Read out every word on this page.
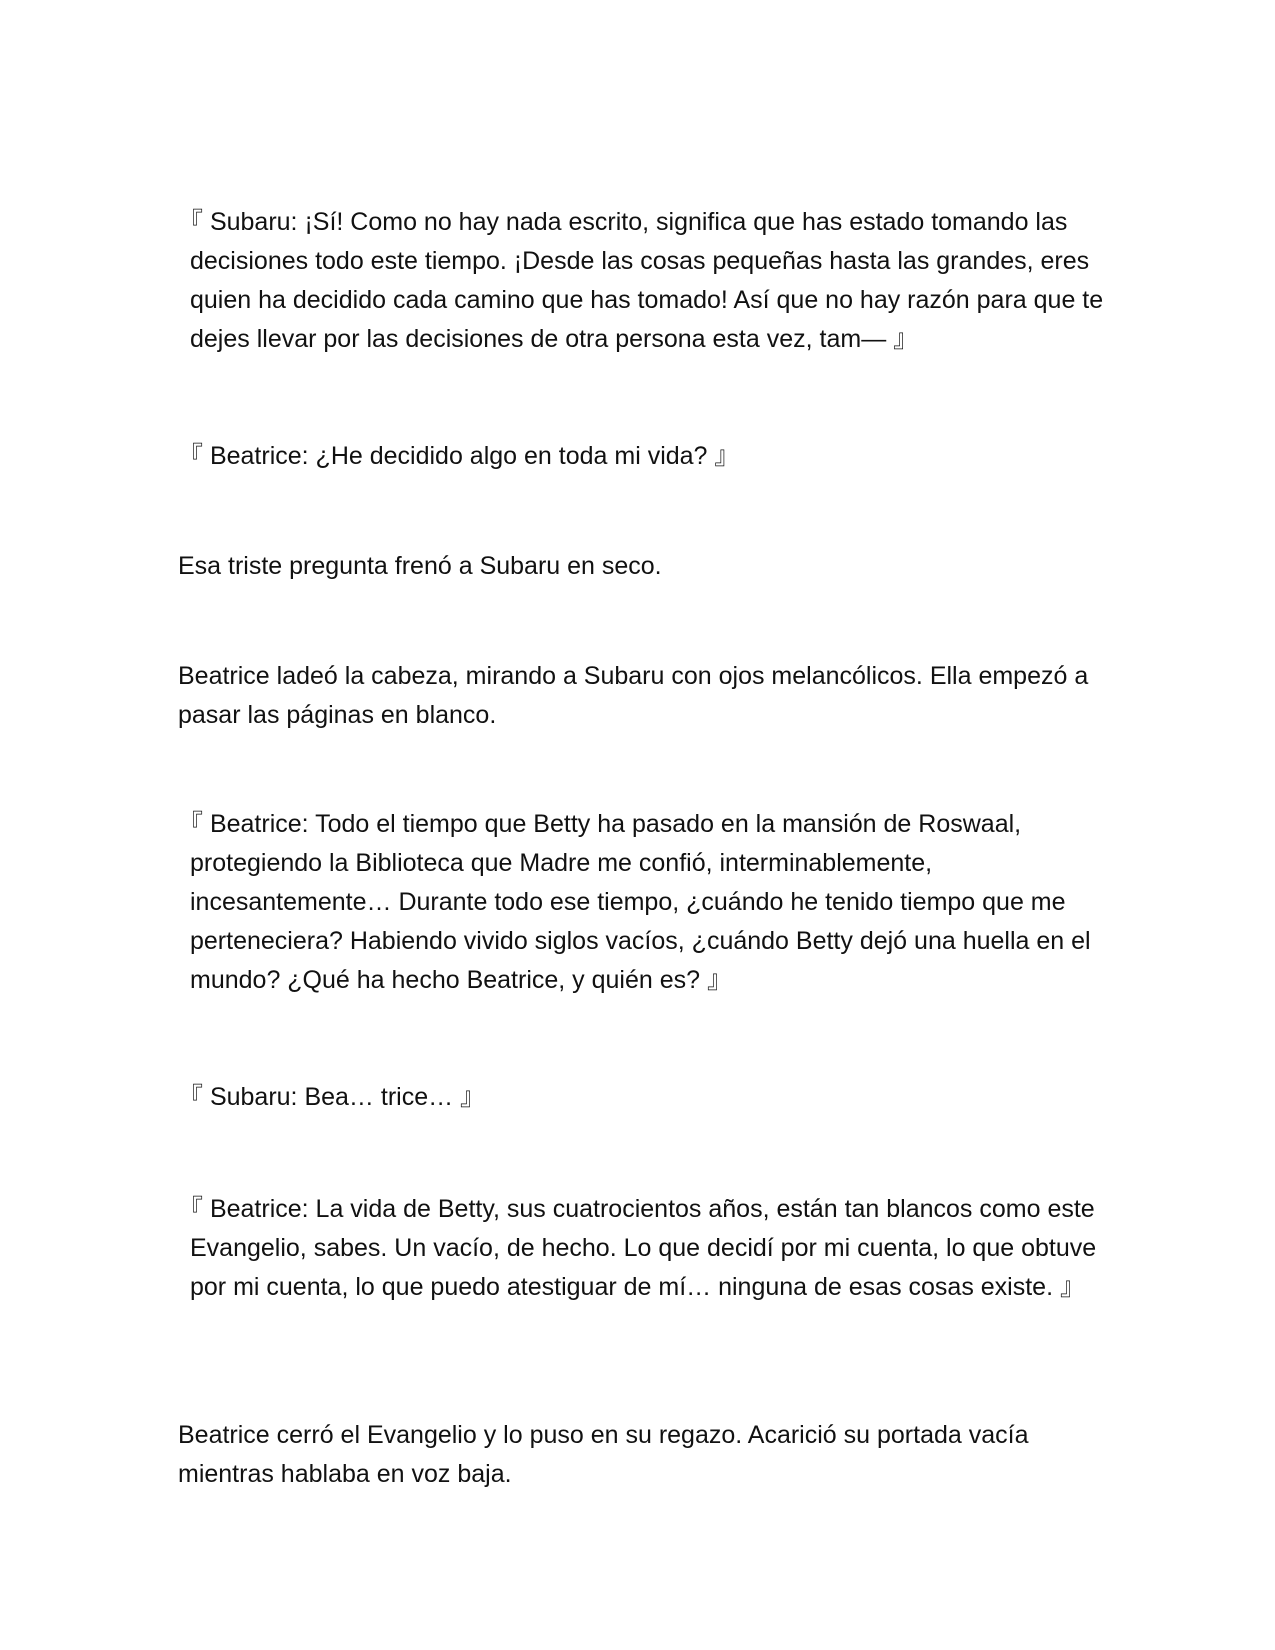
『 Subaru: ¡Sí! Como no hay nada escrito, significa que has estado tomando las decisiones todo este tiempo. ¡Desde las cosas pequeñas hasta las grandes, eres quien ha decidido cada camino que has tomado! Así que no hay razón para que te dejes llevar por las decisiones de otra persona esta vez, tam— 』

『 Beatrice: ¿He decidido algo en toda mi vida? 』

Esa triste pregunta frenó a Subaru en seco.

Beatrice ladeó la cabeza, mirando a Subaru con ojos melancólicos. Ella empezó a pasar las páginas en blanco.

『 Beatrice: Todo el tiempo que Betty ha pasado en la mansión de Roswaal, protegiendo la Biblioteca que Madre me confió, interminablemente, incesantemente… Durante todo ese tiempo, ¿cuándo he tenido tiempo que me perteneciera? Habiendo vivido siglos vacíos, ¿cuándo Betty dejó una huella en el mundo? ¿Qué ha hecho Beatrice, y quién es? 』

『 Subaru: Bea… trice… 』

『 Beatrice: La vida de Betty, sus cuatrocientos años, están tan blancos como este Evangelio, sabes. Un vacío, de hecho. Lo que decidí por mi cuenta, lo que obtuve por mi cuenta, lo que puedo atestiguar de mí… ninguna de esas cosas existe. 』

Beatrice cerró el Evangelio y lo puso en su regazo. Acarició su portada vacía mientras hablaba en voz baja.
